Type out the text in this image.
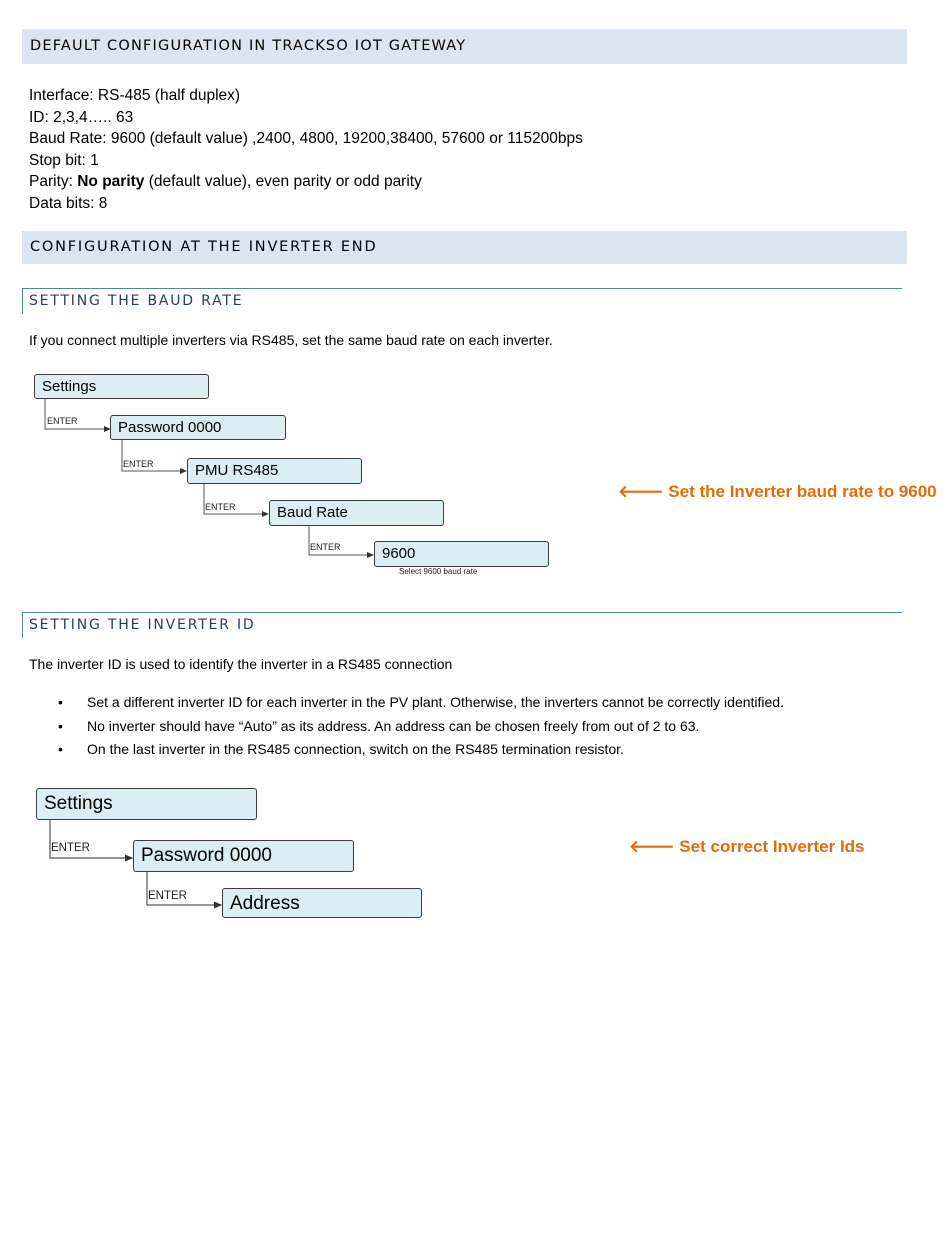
DEFAULT CONFIGURATION IN TRACKSO IOT GATEWAY
Interface: RS-485 (half duplex)
ID: 2,3,4….. 63
Baud Rate: 9600 (default value) ,2400, 4800, 19200,38400, 57600 or 115200bps
Stop bit: 1
Parity: No parity (default value), even parity or odd parity
Data bits: 8
CONFIGURATION AT THE INVERTER END
SETTING THE BAUD RATE
If you connect multiple inverters via RS485, set the same baud rate on each inverter.
Settings
ENTER	Password 0000
ENTER	PMU RS485
ENTER	Baud Rate
ENTER	9600
Select 9600 baud rate
🡐 Set the Inverter baud rate to 9600
SETTING THE INVERTER ID
The inverter ID is used to identify the inverter in a RS485 connection
• Set a different inverter ID for each inverter in the PV plant. Otherwise, the inverters cannot be correctly identified.
• No inverter should have “Auto” as its address. An address can be chosen freely from out of 2 to 63.
• On the last inverter in the RS485 connection, switch on the RS485 termination resistor.
Settings
ENTER	Password 0000
ENTER	Address
🡐 Set correct Inverter Ids
